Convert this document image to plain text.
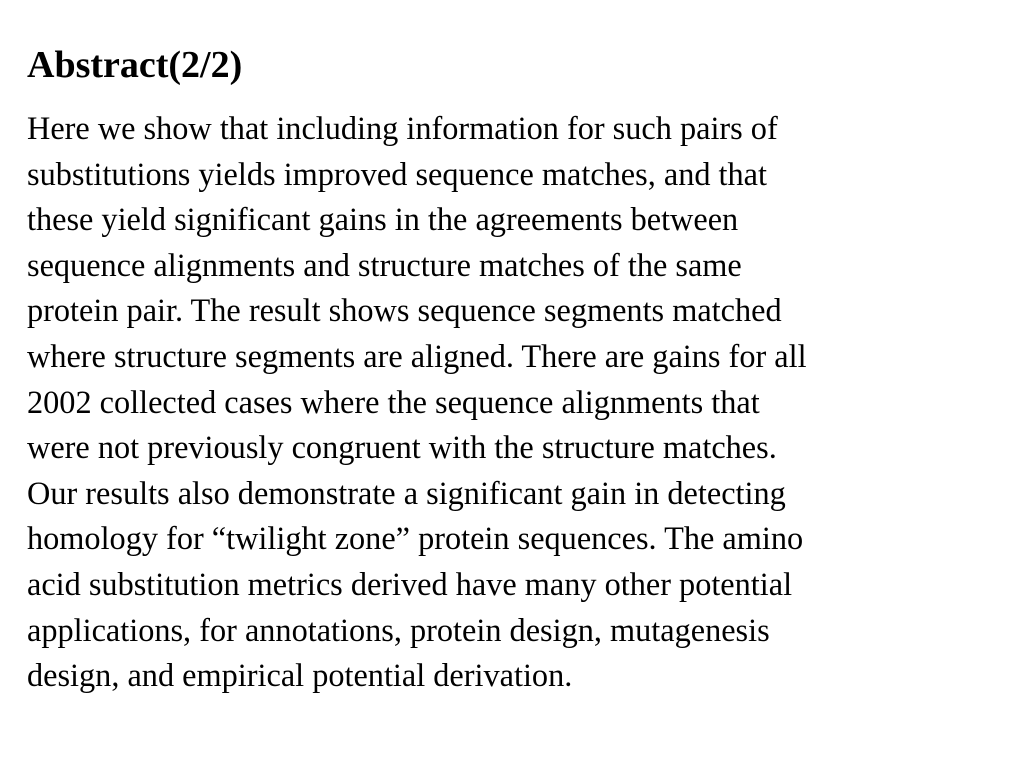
Abstract(2/2)

Here we show that including information for such pairs of
substitutions yields improved sequence matches, and that
these yield significant gains in the agreements between
sequence alignments and structure matches of the same
protein pair. The result shows sequence segments matched
where structure segments are aligned. There are gains for all
2002 collected cases where the sequence alignments that
were not previously congruent with the structure matches.
Our results also demonstrate a significant gain in detecting
homology for “twilight zone” protein sequences. The amino
acid substitution metrics derived have many other potential
applications, for annotations, protein design, mutagenesis
design, and empirical potential derivation.
